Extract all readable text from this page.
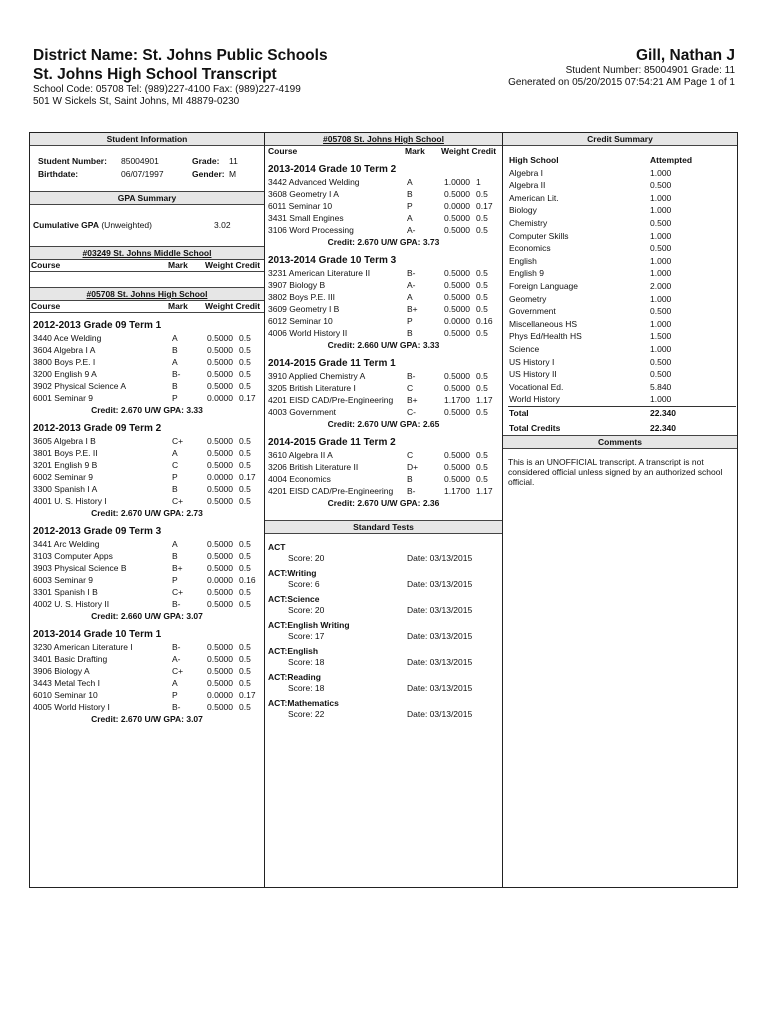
District Name: St. Johns Public Schools
St. Johns High School Transcript
School Code: 05708 Tel: (989)227-4100 Fax: (989)227-4199
501 W Sickels St, Saint Johns, MI 48879-0230
Gill, Nathan J
Student Number: 85004901 Grade: 11
Generated on 05/20/2015 07:54:21 AM Page 1 of 1
Student Information
Student Number: 85004901	Grade: 11
Birthdate:	06/07/1997	Gender: M
GPA Summary
Cumulative GPA (Unweighted)	3.02
#03249 St. Johns Middle School
Course	Mark Weight Credit
#05708 St. Johns High School
Course	Mark Weight Credit
2012-2013 Grade 09 Term 1
3440 Ace Welding	A	0.5000 0.5
3604 Algebra I A	B	0.5000 0.5
3800 Boys P.E. I	A	0.5000 0.5
3200 English 9 A	B-	0.5000 0.5
3902 Physical Science A	B	0.5000 0.5
6001 Seminar 9	P	0.0000 0.17
Credit: 2.670 U/W GPA: 3.33
2012-2013 Grade 09 Term 2
3605 Algebra I B	C+	0.5000 0.5
3801 Boys P.E. II	A	0.5000 0.5
3201 English 9 B	C	0.5000 0.5
6002 Seminar 9	P	0.0000 0.17
3300 Spanish I A	B	0.5000 0.5
4001 U. S. History I	C+	0.5000 0.5
Credit: 2.670 U/W GPA: 2.73
2012-2013 Grade 09 Term 3
3441 Arc Welding	A	0.5000 0.5
3103 Computer Apps	B	0.5000 0.5
3903 Physical Science B	B+	0.5000 0.5
6003 Seminar 9	P	0.0000 0.16
3301 Spanish I B	C+	0.5000 0.5
4002 U. S. History II	B-	0.5000 0.5
Credit: 2.660 U/W GPA: 3.07
2013-2014 Grade 10 Term 1
3230 American Literature I	B-	0.5000 0.5
3401 Basic Drafting	A-	0.5000 0.5
3906 Biology A	C+	0.5000 0.5
3443 Metal Tech I	A	0.5000 0.5
6010 Seminar 10	P	0.0000 0.17
4005 World History I	B-	0.5000 0.5
Credit: 2.670 U/W GPA: 3.07
#05708 St. Johns High School
Course	Mark Weight Credit
2013-2014 Grade 10 Term 2
3442 Advanced Welding	A	1.0000 1
3608 Geometry I A	B	0.5000 0.5
6011 Seminar 10	P	0.0000 0.17
3431 Small Engines	A	0.5000 0.5
3106 Word Processing	A-	0.5000 0.5
Credit: 2.670 U/W GPA: 3.73
2013-2014 Grade 10 Term 3
3231 American Literature II	B-	0.5000 0.5
3907 Biology B	A-	0.5000 0.5
3802 Boys P.E. III	A	0.5000 0.5
3609 Geometry I B	B+	0.5000 0.5
6012 Seminar 10	P	0.0000 0.16
4006 World History II	B	0.5000 0.5
Credit: 2.660 U/W GPA: 3.33
2014-2015 Grade 11 Term 1
3910 Applied Chemistry A	B-	0.5000 0.5
3205 British Literature I	C	0.5000 0.5
4201 EISD CAD/Pre-Engineering B+	1.1700 1.17
4003 Government	C-	0.5000 0.5
Credit: 2.670 U/W GPA: 2.65
2014-2015 Grade 11 Term 2
3610 Algebra II A	C	0.5000 0.5
3206 British Literature II	D+	0.5000 0.5
4004 Economics	B	0.5000 0.5
4201 EISD CAD/Pre-Engineering B-	1.1700 1.17
Credit: 2.670 U/W GPA: 2.36
Standard Tests
ACT
Score: 20	Date: 03/13/2015
ACT:Writing
Score: 6	Date: 03/13/2015
ACT:Science
Score: 20	Date: 03/13/2015
ACT:English Writing
Score: 17	Date: 03/13/2015
ACT:English
Score: 18	Date: 03/13/2015
ACT:Reading
Score: 18	Date: 03/13/2015
ACT:Mathematics
Score: 22	Date: 03/13/2015
Credit Summary
High School	Attempted
Algebra I	1.000
Algebra II	0.500
American Lit.	1.000
Biology	1.000
Chemistry	0.500
Computer Skills	1.000
Economics	0.500
English	1.000
English 9	1.000
Foreign Language	2.000
Geometry	1.000
Government	0.500
Miscellaneous HS	1.000
Phys Ed/Health HS	1.500
Science	1.000
US History I	0.500
US History II	0.500
Vocational Ed.	5.840
World History	1.000
Total	22.340
Total Credits	22.340
Comments
This is an UNOFFICIAL transcript. A transcript is not considered official unless signed by an authorized school official.
